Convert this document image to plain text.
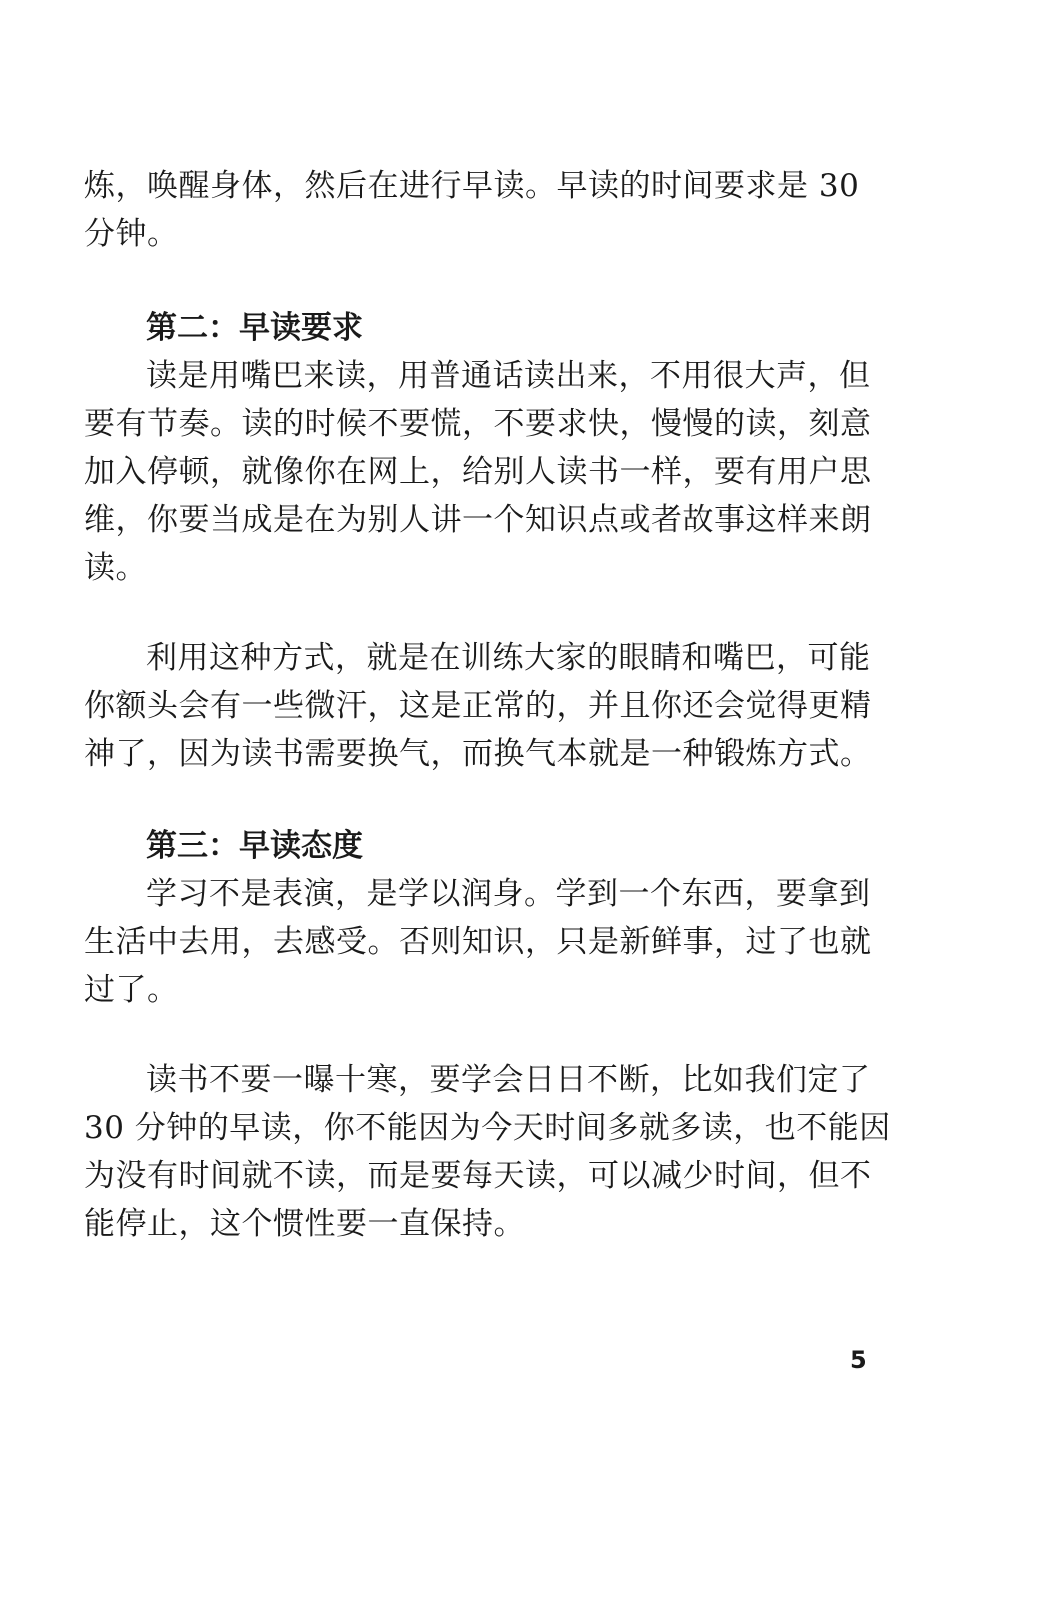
炼，唤醒身体，然后在进行早读。早读的时间要求是 30
分钟。

第二：早读要求

读是用嘴巴来读，用普通话读出来，不用很大声，但
要有节奏。读的时候不要慌，不要求快，慢慢的读，刻意
加入停顿，就像你在网上，给别人读书一样，要有用户思
维，你要当成是在为别人讲一个知识点或者故事这样来朗
读。

利用这种方式，就是在训练大家的眼睛和嘴巴，可能
你额头会有一些微汗，这是正常的，并且你还会觉得更精
神了，因为读书需要换气，而换气本就是一种锻炼方式。

第三：早读态度

学习不是表演，是学以润身。学到一个东西，要拿到
生活中去用，去感受。否则知识，只是新鲜事，过了也就
过了。

读书不要一曝十寒，要学会日日不断，比如我们定了
30 分钟的早读，你不能因为今天时间多就多读，也不能因
为没有时间就不读，而是要每天读，可以减少时间，但不
能停止，这个惯性要一直保持。

5
